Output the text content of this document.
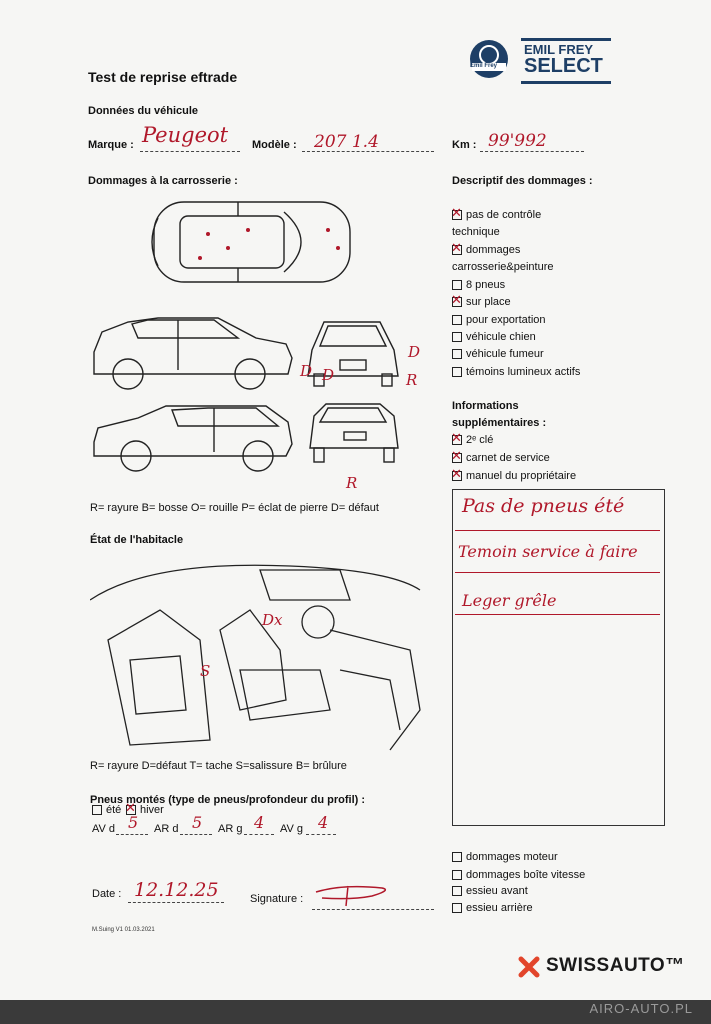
Test de reprise eftrade
Emil Frey
EMIL FREY
SELECT
Données du véhicule
Marque : Peugeot Modèle : 207 1.4	Km : 99'992
Dommages à la carrosserie :
D
D D	R
R
R= rayure B= bosse O= rouille P= éclat de pierre D= défaut
Descriptif des dommages :
✕pas de contrôle
technique
✕dommages
carrosserie&peinture
8 pneus
✕sur place
pour exportation
véhicule chien
véhicule fumeur
témoins lumineux actifs
Informations
supplémentaires :
✕2ᵉ clé
✕carnet de service
✕manuel du propriétaire
Pas de pneus été
Temoin service à faire
Leger grêle
État de l'habitacle
Dx
S
R= rayure D=défaut T= tache S=salissure B= brûlure
Pneus montés (type de pneus/profondeur du profil) :
été
✕	hiver
AV d 5 AR d 5 AR g 4 AV g 4
dommages moteur
dommages boîte vitesse
essieu avant
essieu arrière
Date : 12.12.25	Signature :
M.Suing V1 01.03.2021
SWISSAUTO™
AIRO-AUTO.PL
